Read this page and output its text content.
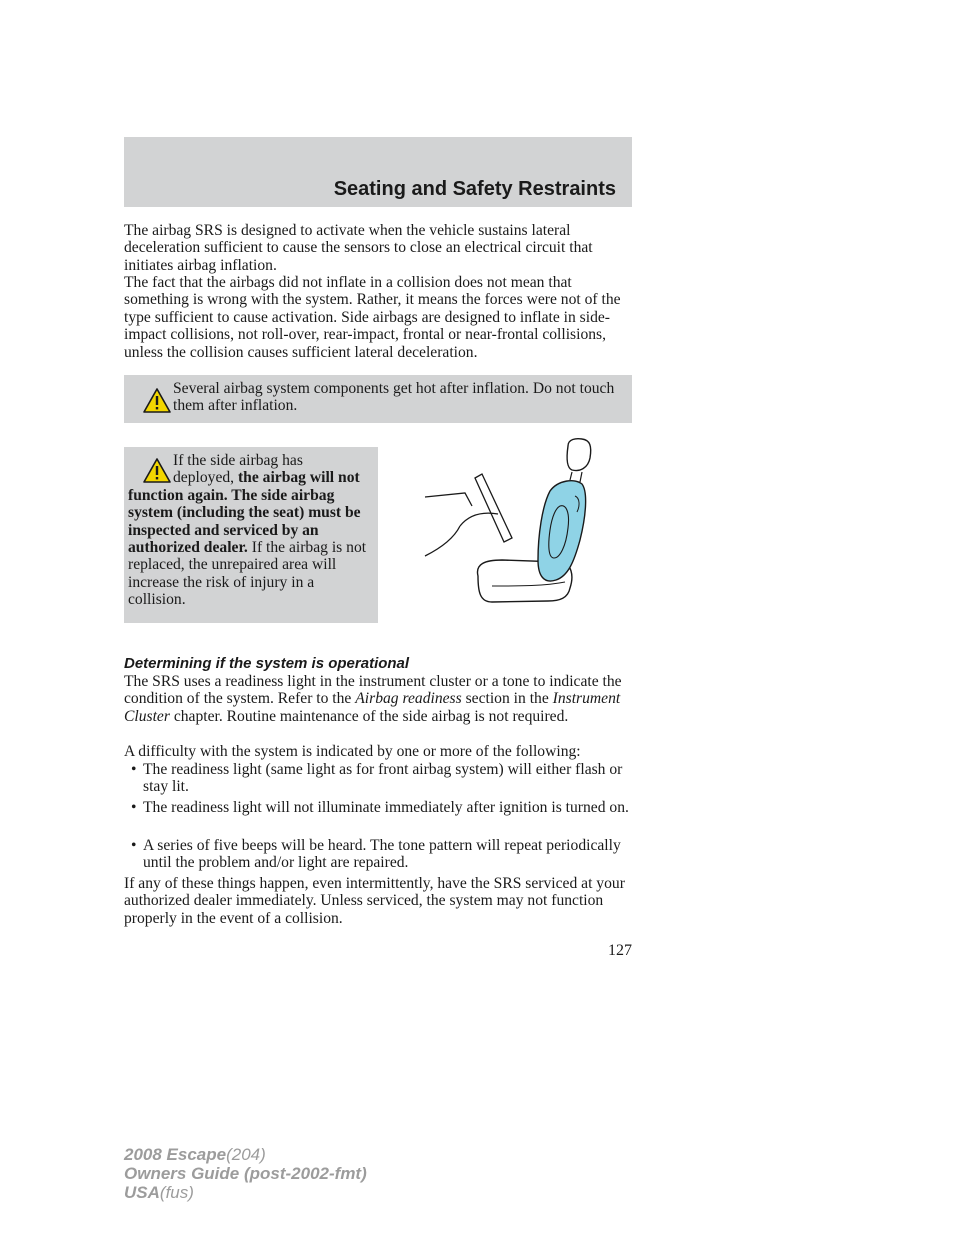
Seating and Safety Restraints

The airbag SRS is designed to activate when the vehicle sustains lateral deceleration sufficient to cause the sensors to close an electrical circuit that initiates airbag inflation.

The fact that the airbags did not inflate in a collision does not mean that something is wrong with the system. Rather, it means the forces were not of the type sufficient to cause activation. Side airbags are designed to inflate in side-impact collisions, not roll-over, rear-impact, frontal or near-frontal collisions, unless the collision causes sufficient lateral deceleration.

Several airbag system components get hot after inflation. Do not touch them after inflation.

If the side airbag has

deployed, the airbag will not function again. The side airbag system (including the seat) must be inspected and serviced by an authorized dealer. If the airbag is not replaced, the unrepaired area will increase the risk of injury in a collision.

Determining if the system is operational

The SRS uses a readiness light in the instrument cluster or a tone to indicate the condition of the system. Refer to the Airbag readiness section in the Instrument Cluster chapter. Routine maintenance of the side airbag is not required.

A difficulty with the system is indicated by one or more of the following:

• The readiness light (same light as for front airbag system) will either flash or stay lit.

• The readiness light will not illuminate immediately after ignition is turned on.

• A series of five beeps will be heard. The tone pattern will repeat periodically until the problem and/or light are repaired.

If any of these things happen, even intermittently, have the SRS serviced at your authorized dealer immediately. Unless serviced, the system may not function properly in the event of a collision.

127
2008 Escape(204)
Owners Guide (post-2002-fmt)
USA(fus)
